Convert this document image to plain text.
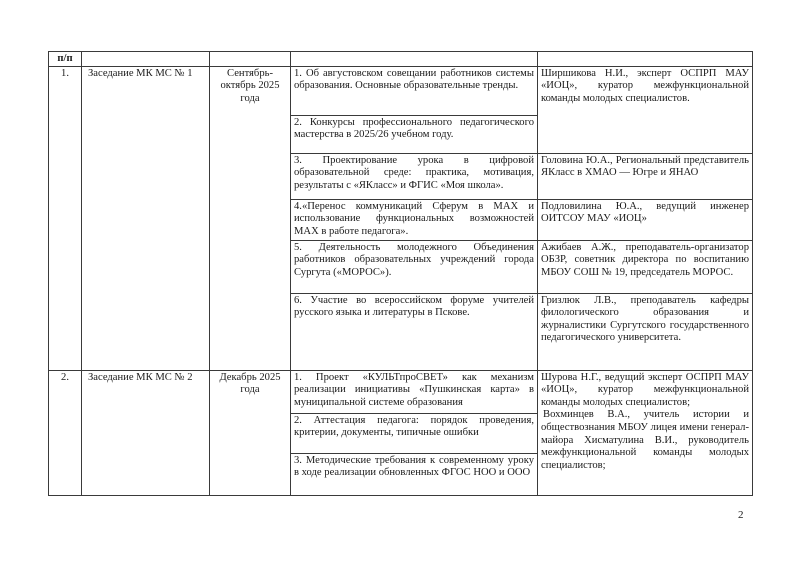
п/п				
1.	Заседание МК МС № 1	Сентябрь-октябрь 2025 года	1. Об августовском совещании работников системы образования. Основные образовательные тренды.	Ширшикова Н.И., эксперт ОСПРП МАУ «ИОЦ», куратор межфункциональной команды молодых специалистов.
			2. Конкурсы профессионального педагогического мастерства в 2025/26 учебном году.	
			3. Проектирование урока в цифровой образовательной среде: практика, мотивация, результаты с «ЯКласс» и ФГИС «Моя школа».	Головина Ю.А., Региональный представитель ЯКласс в ХМАО — Югре и ЯНАО
			4.«Перенос коммуникаций Сферум в MAX и использование функциональных возможностей MAX в работе педагога».	Подловилина Ю.А., ведущий инженер ОИТСОУ МАУ «ИОЦ»
			5. Деятельность молодежного Объединения работников образовательных учреждений города Сургута («МОРОС»).	Ажибаев А.Ж., преподаватель-организатор ОБЗР, советник директора по воспитанию МБОУ СОШ № 19, председатель МОРОС.
			6. Участие во всероссийском форуме учителей русского языка и литературы в Пскове.	Гризлюк Л.В., преподаватель кафедры филологического образования и журналистики Сургутского государственного педагогического университета.
2.	Заседание МК МС № 2	Декабрь 2025 года	1. Проект «КУЛЬТпроСВЕТ» как механизм реализации инициативы «Пушкинская карта» в муниципальной системе образования	Шурова Н.Г., ведущий эксперт ОСПРП МАУ «ИОЦ», куратор межфункциональной команды молодых специалистов;
Вохминцев В.А., учитель истории и обществознания МБОУ лицея имени генерал-майора Хисматулина В.И., руководитель межфункциональной команды молодых специалистов;

			2. Аттестация педагога: порядок проведения, критерии, документы, типичные ошибки	
			3. Методические требования к современному уроку в ходе реализации обновленных ФГОС НОО и ООО	
2
